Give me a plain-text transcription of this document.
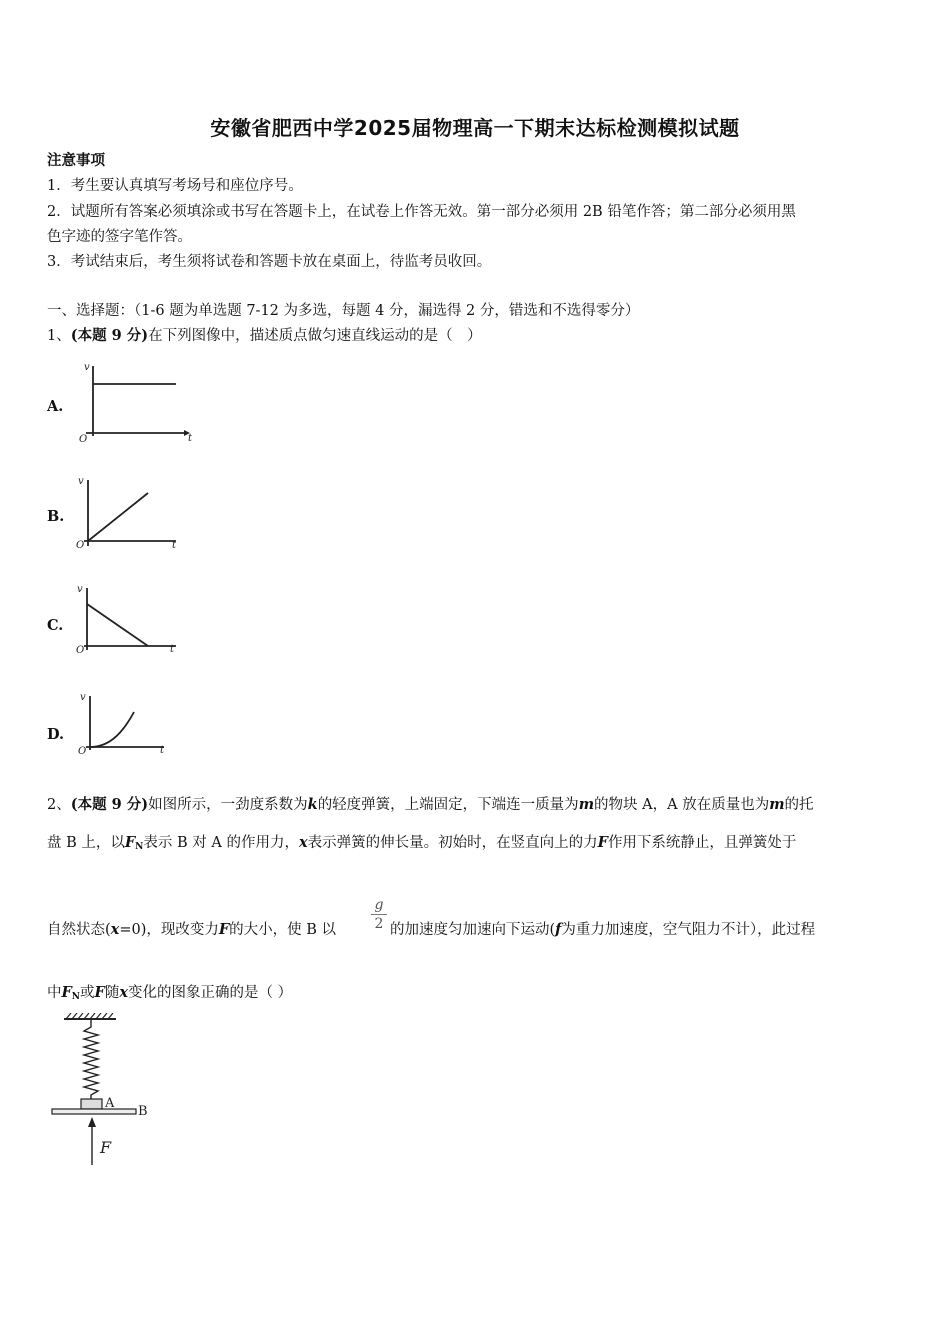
安徽省肥西中学2025届物理高一下期末达标检测模拟试题
注意事项
1．考生要认真填写考场号和座位序号。
2．试题所有答案必须填涂或书写在答题卡上，在试卷上作答无效。第一部分必须用 2B 铅笔作答；第二部分必须用黑
色字迹的签字笔作答。
3．考试结束后，考生须将试卷和答题卡放在桌面上，待监考员收回。
一、选择题：（1-6 题为单选题 7-12 为多选，每题 4 分，漏选得 2 分，错选和不选得零分）
1、(本题 9 分)在下列图像中，描述质点做匀速直线运动的是（　）
A.
v
t
O
B.
v
t
O
C.
v
t
O
D.
v
t
O
2、(本题 9 分)如图所示，一劲度系数为k的轻度弹簧，上端固定，下端连一质量为m的物块 A，A 放在质量也为m的托
盘 B 上，以$F_N$表示 B 对 A 的作用力，x表示弹簧的伸长量。初始时，在竖直向上的力F作用下系统静止，且弹簧处于
自然状态(x=0)，现改变力F的大小，使 B 以 $\frac{g}{2}$ 的加速度匀加速向下运动(f为重力加速度，空气阻力不计），此过程
中$F_N$或F随x变化的图象正确的是（ ）
A
B
F
